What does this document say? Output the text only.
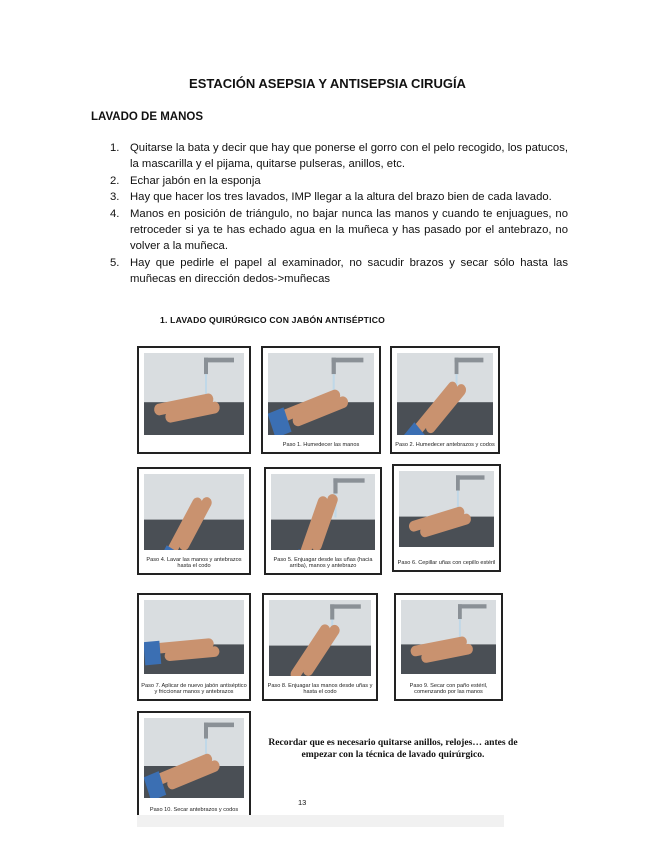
ESTACIÓN ASEPSIA Y ANTISEPSIA CIRUGÍA
LAVADO DE MANOS
1. Quitarse la bata y decir que hay que ponerse el gorro con el pelo recogido, los patucos, la mascarilla y el pijama, quitarse pulseras, anillos, etc.
2. Echar jabón en la esponja
3. Hay que hacer los tres lavados, IMP llegar a la altura del brazo bien de cada lavado.
4. Manos en posición de triángulo, no bajar nunca las manos y cuando te enjuagues, no retroceder si ya te has echado agua en la muñeca y has pasado por el antebrazo, no volver a la muñeca.
5. Hay que pedirle el papel al examinador, no sacudir brazos y secar sólo hasta las muñecas en dirección dedos->muñecas
1. LAVADO QUIRÚRGICO CON JABÓN ANTISÉPTICO
Paso 1. Humedecer las manos	Paso 2. Humedecer antebrazos y codos
Paso 4. Lavar las manos y antebrazos hasta el codo
Paso 5. Enjuagar desde las uñas (hacia arriba), manos y antebrazo	Paso 6. Cepillar uñas con cepillo estéril
Paso 7. Aplicar de nuevo jabón antiséptico y friccionar manos y antebrazos
Paso 8. Enjuagar las manos desde uñas y hasta el codo
Paso 9. Secar con paño estéril, comenzando por las manos
Paso 10. Secar antebrazos y codos
Recordar que es necesario quitarse anillos, relojes… antes de empezar con la técnica de lavado quirúrgico.
13
